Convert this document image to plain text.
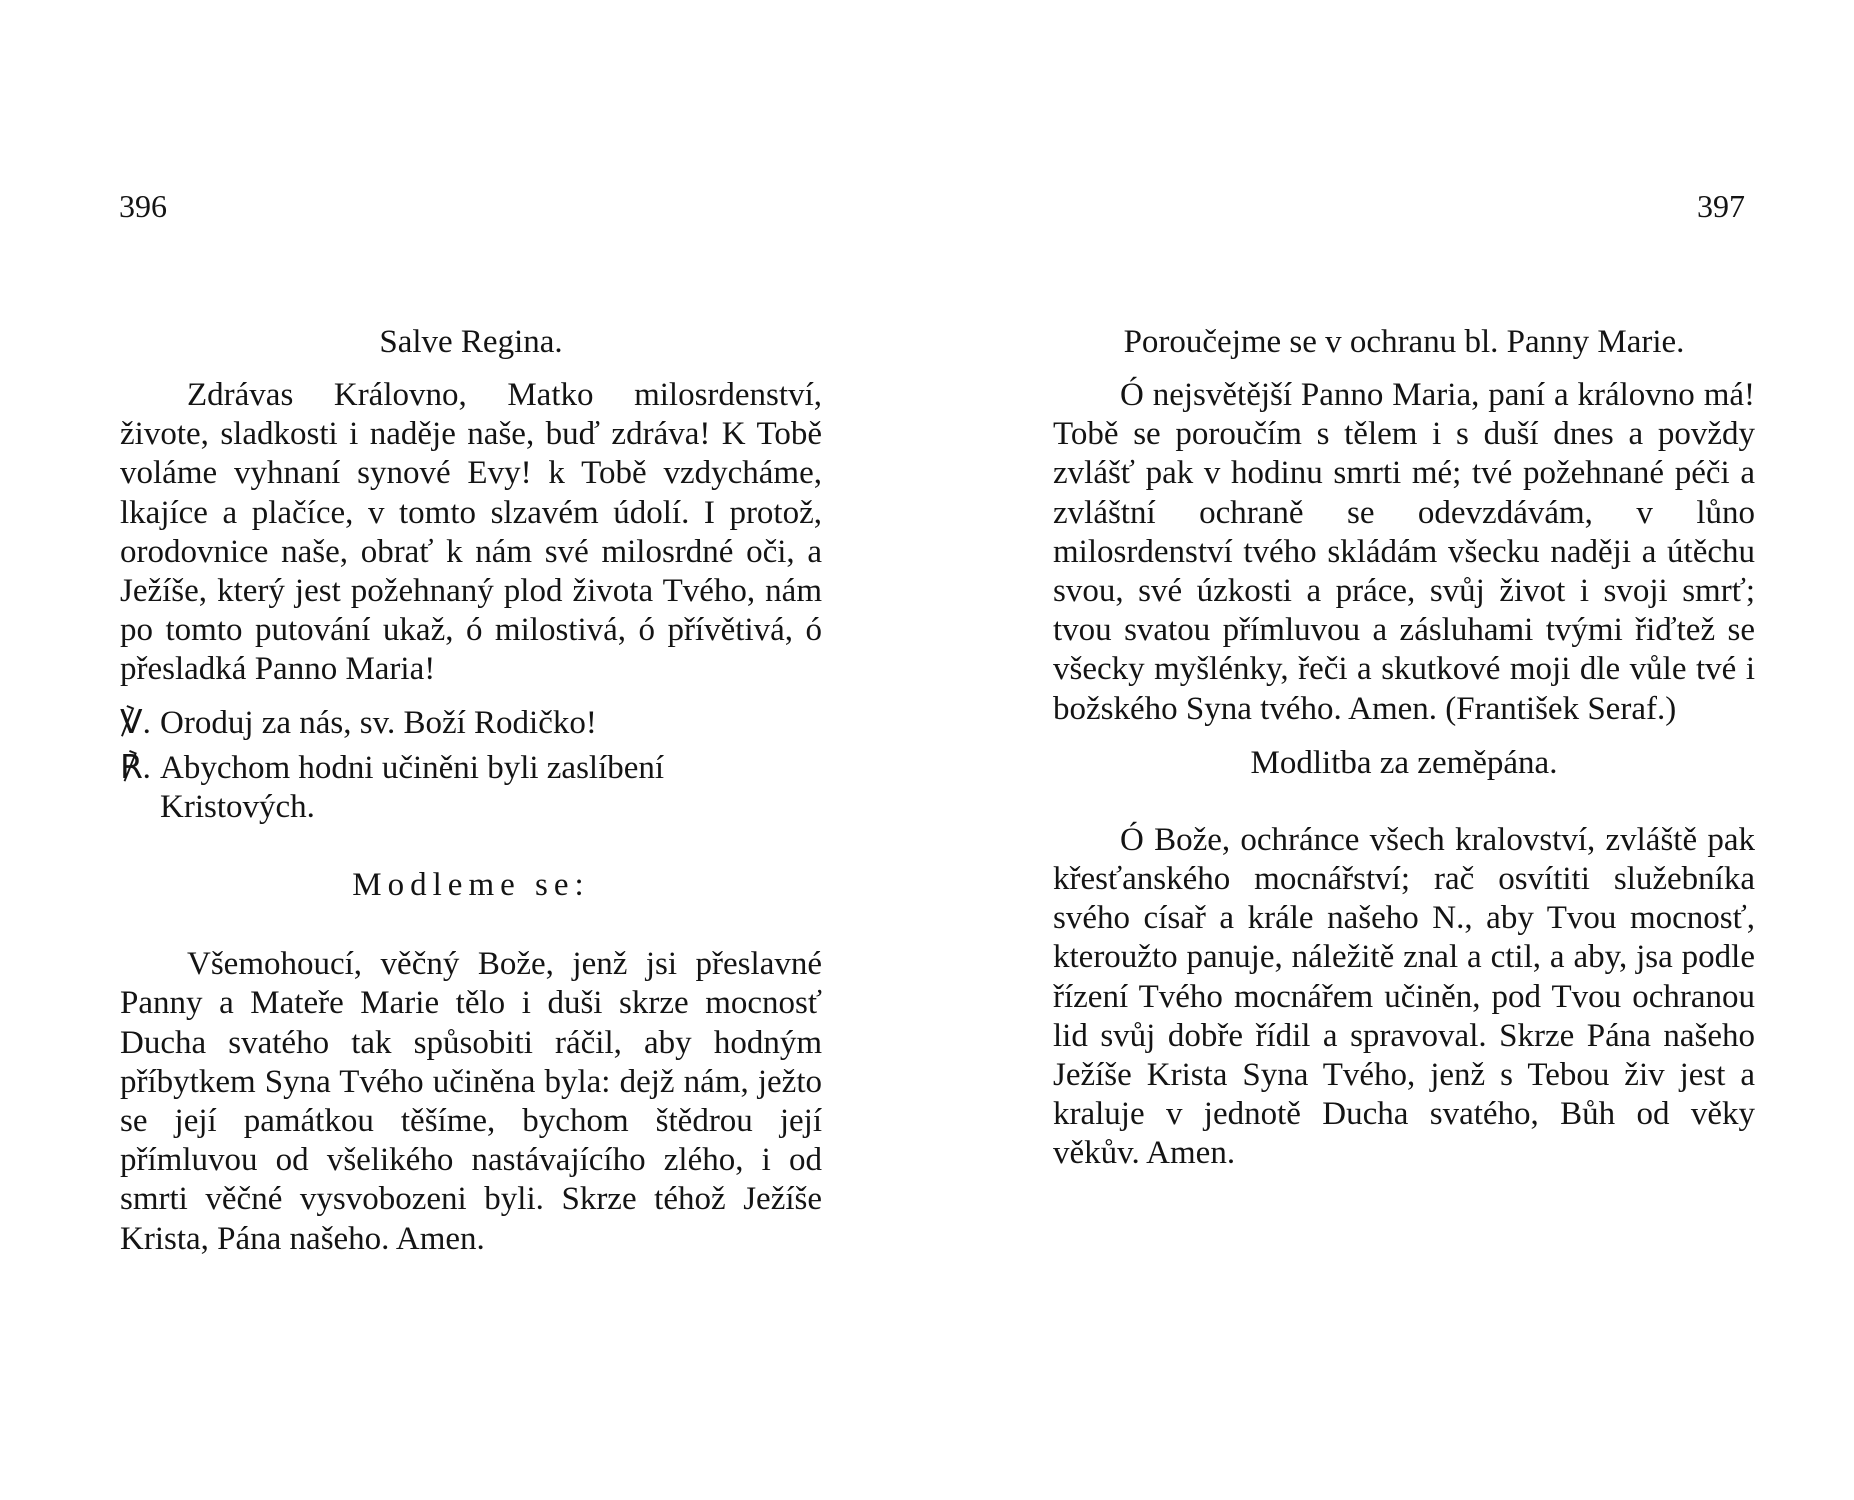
396

Salve Regina.

Zdrávas Královno, Matko milosrdenství, živote, sladkosti i naděje naše, buď zdráva! K Tobě voláme vyhnaní synové Evy! k Tobě vzdycháme, lkajíce a plačíce, v tomto slzavém údolí. I protož, orodovnice naše, obrať k nám své milosrdné oči, a Ježíše, který jest požehnaný plod života Tvého, nám po tomto putování ukaž, ó milostivá, ó přívětivá, ó přesladká Panno Maria!

℣. Oroduj za nás, sv. Boží Rodičko!

℟. Abychom hodni učiněni byli zaslíbení Kristových.

Modleme se:

Všemohoucí, věčný Bože, jenž jsi přeslavné Panny a Mateře Marie tělo i duši skrze mocnosť Ducha svatého tak spůsobiti ráčil, aby hodným příbytkem Syna Tvého učiněna byla: dejž nám, ježto se její památkou těšíme, bychom štědrou její přímluvou od všelikého nastávajícího zlého, i od smrti věčné vysvobozeni byli. Skrze téhož Ježíše Krista, Pána našeho. Amen.

397

Poroučejme se v ochranu bl. Panny Marie.

Ó nejsvětější Panno Maria, paní a královno má! Tobě se poroučím s tělem i s duší dnes a povždy zvlášť pak v hodinu smrti mé; tvé požehnané péči a zvláštní ochraně se odevzdávám, v lůno milosrdenství tvého skládám všecku naději a útěchu svou, své úzkosti a práce, svůj život i svoji smrť; tvou svatou přímluvou a zásluhami tvými řiďtež se všecky myšlénky, řeči a skutkové moji dle vůle tvé i božského Syna tvého. Amen. (František Seraf.)

Modlitba za zeměpána.

Ó Bože, ochránce všech kralovství, zvláště pak křesťanského mocnářství; rač osvítiti služebníka svého císař a krále našeho N., aby Tvou mocnosť, kteroužto panuje, náležitě znal a ctil, a aby, jsa podle řízení Tvého mocnářem učiněn, pod Tvou ochranou lid svůj dobře řídil a spravoval. Skrze Pána našeho Ježíše Krista Syna Tvého, jenž s Tebou živ jest a kraluje v jednotě Ducha svatého, Bůh od věky věkův. Amen.
